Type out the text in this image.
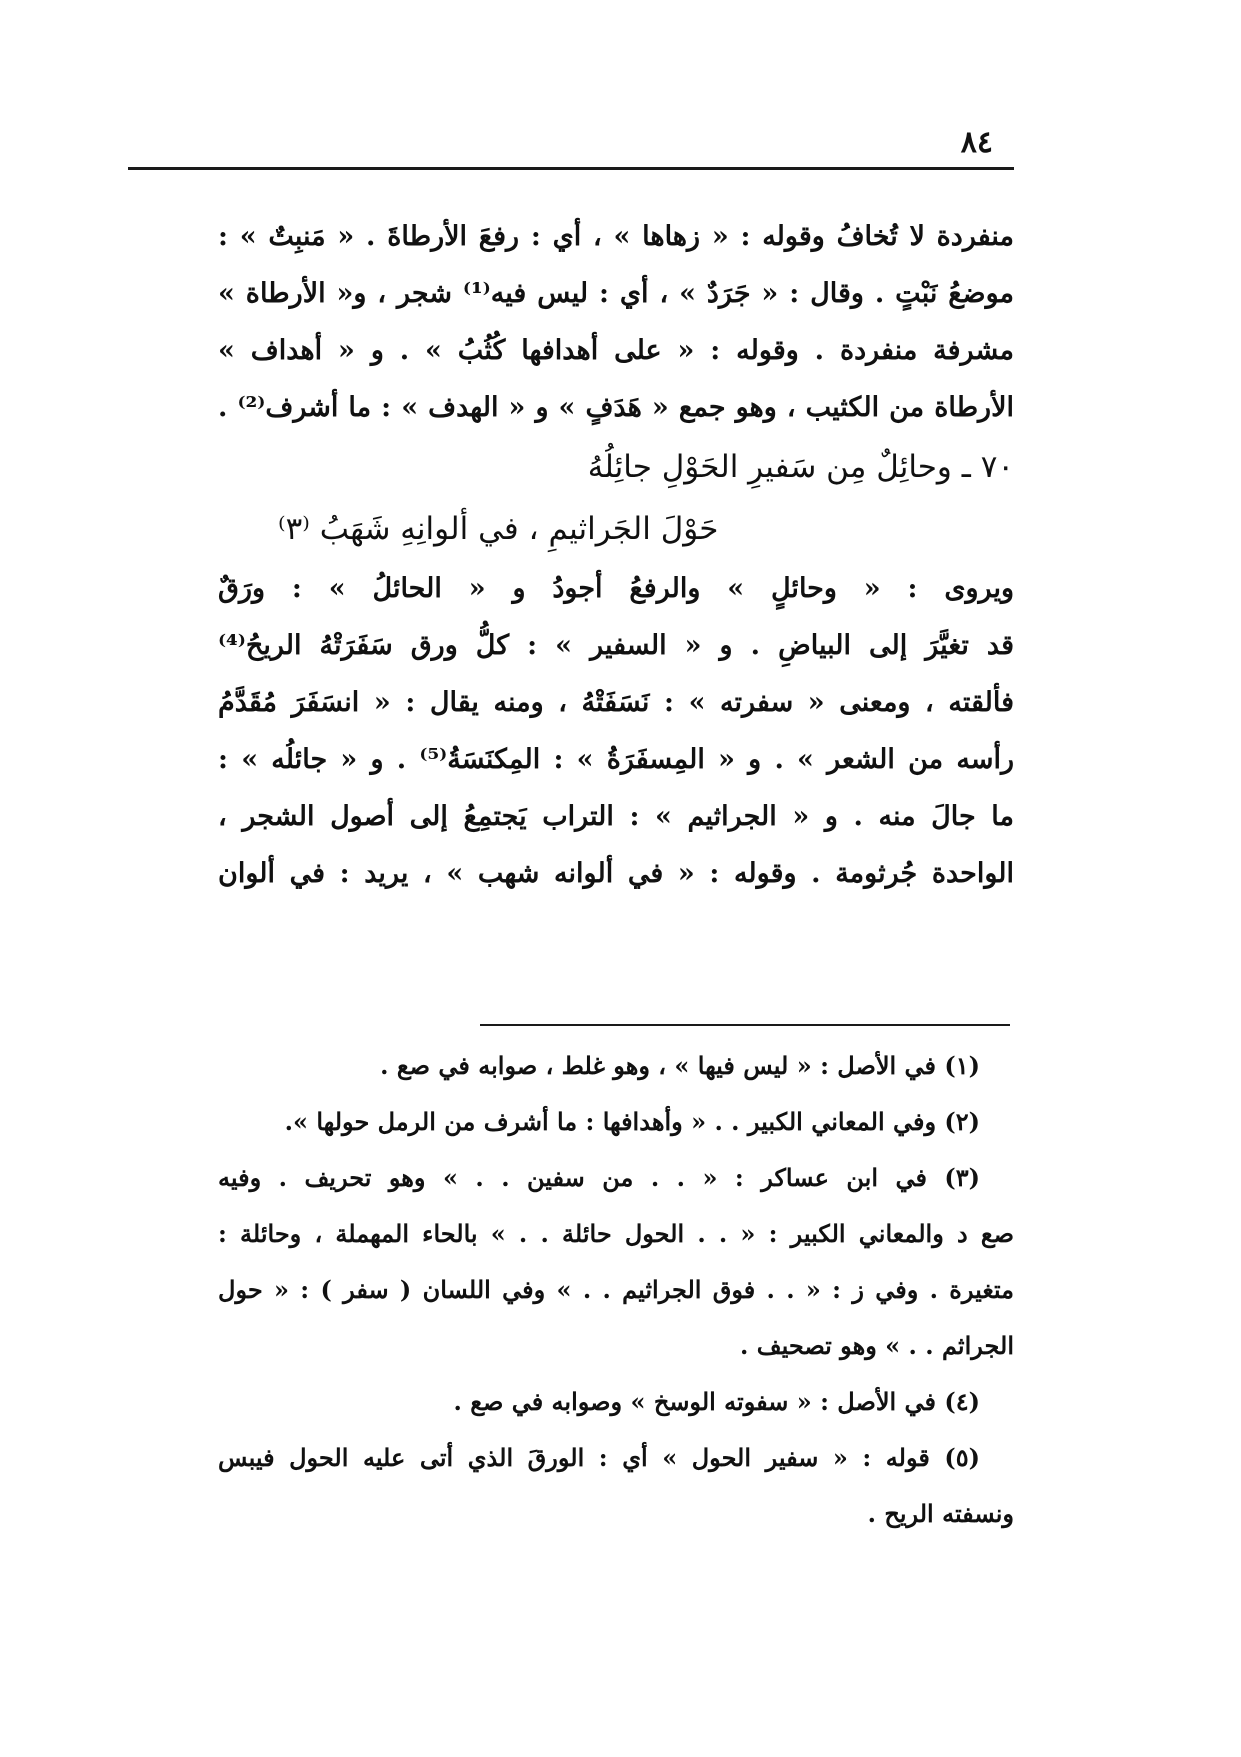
٨٤
منفردة لا تُخافُ وقوله : « زهاها » ، أي : رفعَ الأرطاةَ . « مَنبِتٌ » :
موضعُ نَبْتٍ . وقال : « جَرَدٌ » ، أي : ليس فيه⁽¹⁾ شجر ، و« الأرطاة »
مشرفة منفردة . وقوله : « على أهدافها كُثُبُ » . و « أهداف »
الأرطاة من الكثيب ، وهو جمع « هَدَفٍ » و « الهدف » : ما أشرف⁽²⁾ .
٧٠ ـ وحائِلٌ مِن سَفيرِ الحَوْلِ جائِلُهُ
حَوْلَ الجَراثيمِ ، في ألوانِهِ شَهَبُ ⁽٣⁾
ويروى : « وحائلٍ » والرفعُ أجودُ و « الحائلُ » : ورَقٌ
قد تغيَّرَ إلى البياضِ . و « السفير » : كلُّ ورق سَفَرَتْهُ الريحُ⁽⁴⁾
فألقته ، ومعنى « سفرته » : نَسَفَتْهُ ، ومنه يقال : « انسَفَرَ مُقَدَّمُ
رأسه من الشعر » . و « المِسفَرَةُ » : المِكنَسَةُ⁽⁵⁾ . و « جائلُه » :
ما جالَ منه . و « الجراثيم » : التراب يَجتمِعُ إلى أصول الشجر ،
الواحدة جُرثومة . وقوله : « في ألوانه شهب » ، يريد : في ألوان
(١) في الأصل : « ليس فيها » ، وهو غلط ، صوابه في صع .
(٢) وفي المعاني الكبير . . « وأهدافها : ما أشرف من الرمل حولها ».
(٣) في ابن عساكر : « . . من سفين . . » وهو تحريف . وفيه
صع د والمعاني الكبير : « . . الحول حائلة . . » بالحاء المهملة ، وحائلة :
متغيرة . وفي ز : « . . فوق الجراثيم . . » وفي اللسان ( سفر ) : « حول
الجراثم . . » وهو تصحيف .
(٤) في الأصل : « سفوته الوسخ » وصوابه في صع .
(٥) قوله : « سفير الحول » أي : الورقَ الذي أتى عليه الحول فيبس
ونسفته الريح .
